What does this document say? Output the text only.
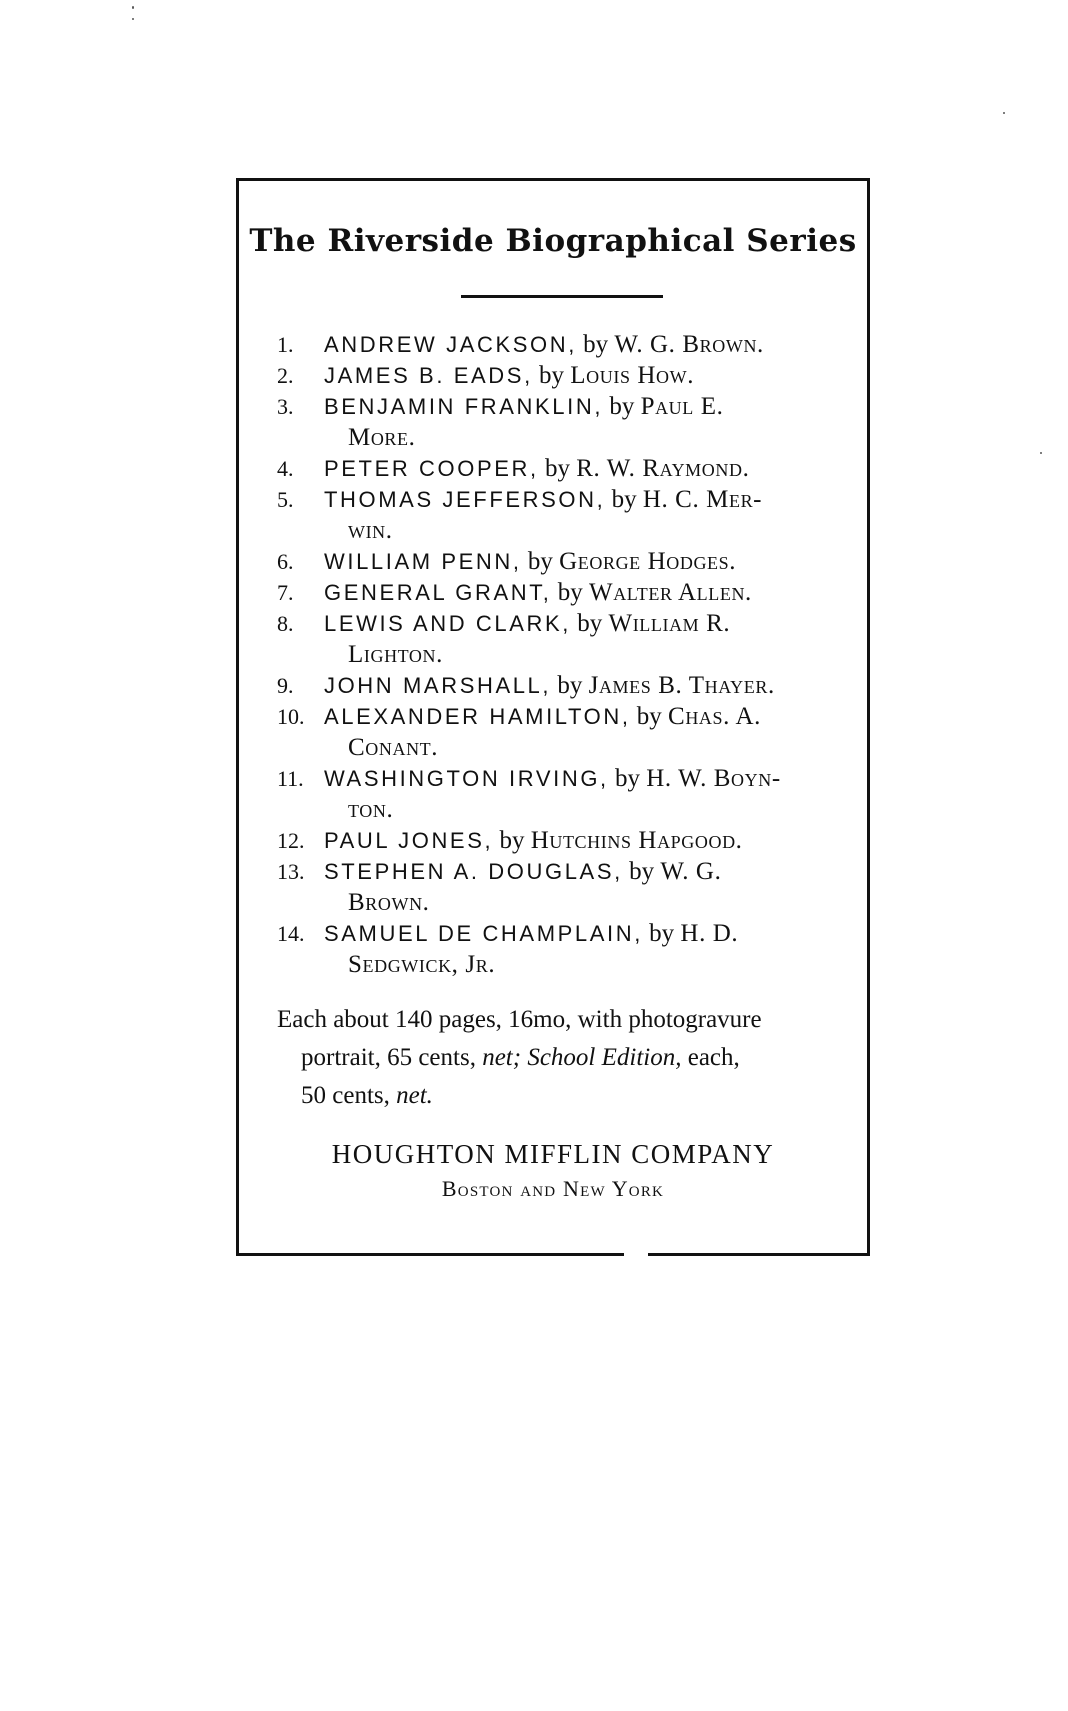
The Riverside Biographical Series
1.	ANDREW JACKSON, by W. G. Brown.
2.	JAMES B. EADS, by Louis How.
3.	BENJAMIN FRANKLIN, by Paul E.
More.
4.	PETER COOPER, by R. W. Raymond.
5.	THOMAS JEFFERSON, by H. C. Mer-
win.
6.	WILLIAM PENN, by George Hodges.
7.	GENERAL GRANT, by Walter Allen.
8.	LEWIS AND CLARK, by William R.
Lighton.
9.	JOHN MARSHALL, by James B. Thayer.
10. ALEXANDER HAMILTON, by Chas. A.
Conant.
11. WASHINGTON IRVING, by H. W. Boyn-
ton.
12. PAUL JONES, by Hutchins Hapgood.
13. STEPHEN A. DOUGLAS, by W. G.
Brown.
14. SAMUEL DE CHAMPLAIN, by H. D.
Sedgwick, Jr.

Each about 140 pages, 16mo, with photogravure
portrait, 65 cents, net; School Edition, each,
50 cents, net.

HOUGHTON MIFFLIN COMPANY

Boston and New York
